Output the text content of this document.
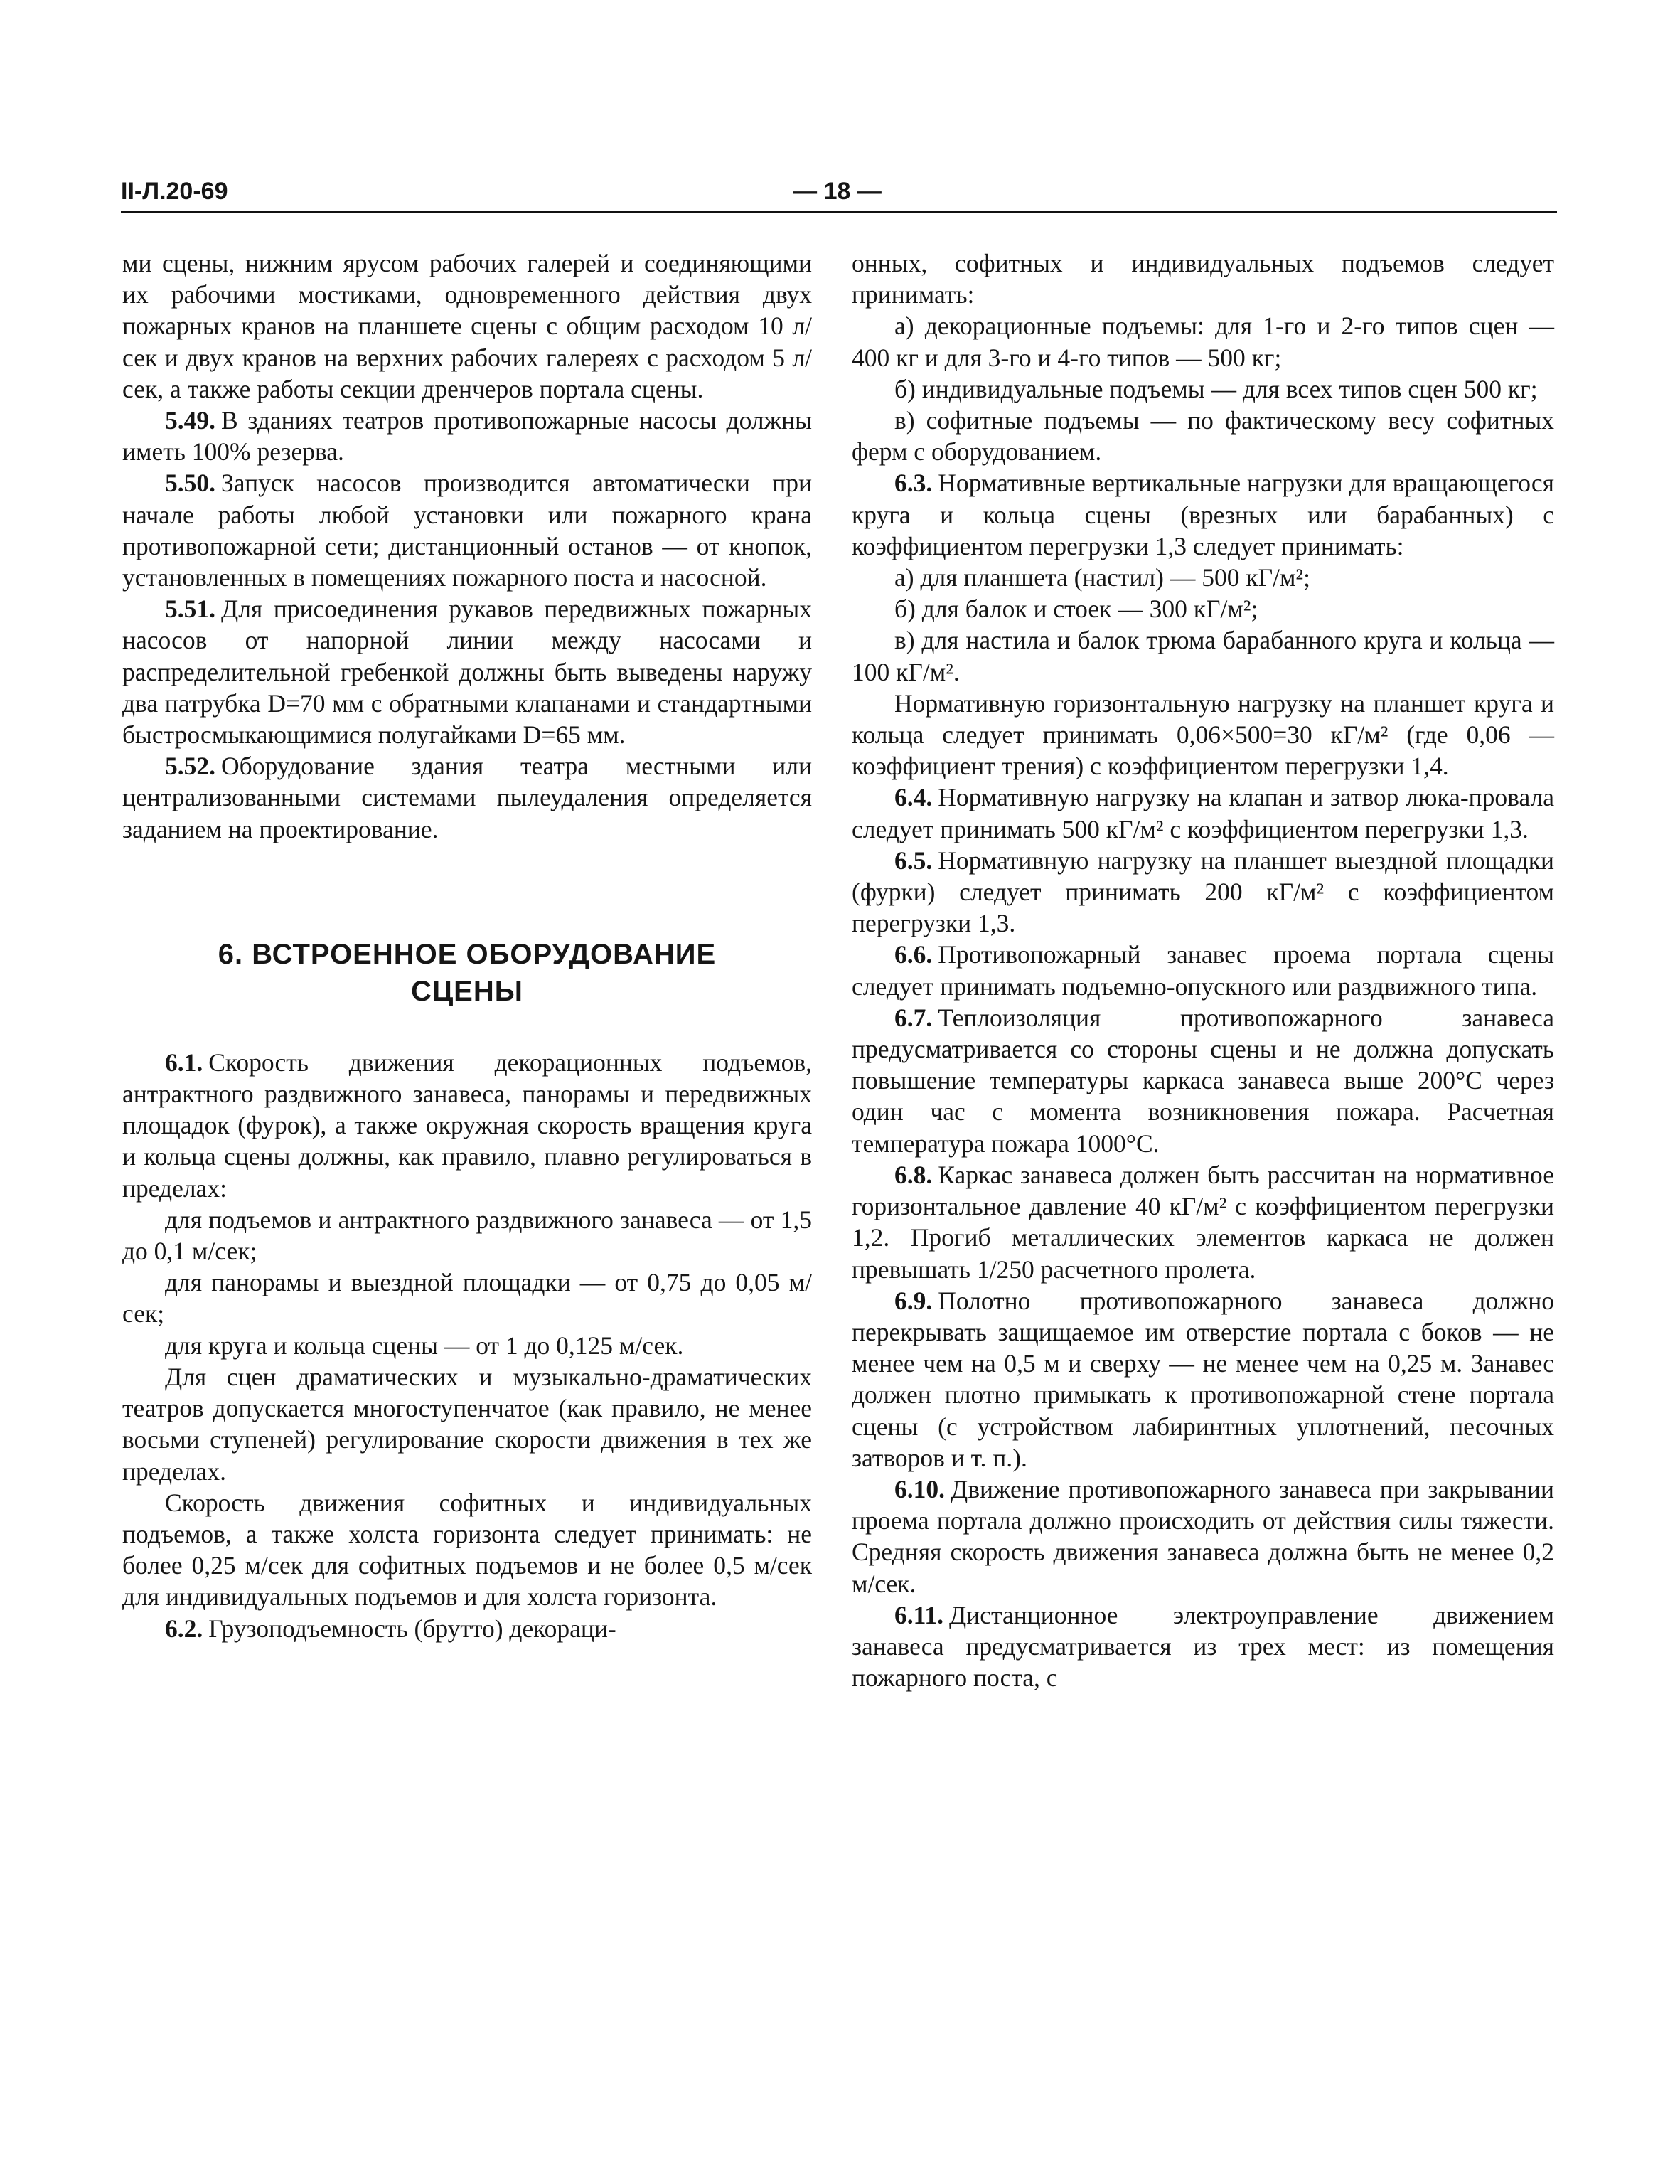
II-Л.20-69	— 18 —

ми сцены, нижним ярусом рабочих галерей и соединяющими их рабочими мостиками, одновременного действия двух пожарных кранов на планшете сцены с общим расходом 10 л/сек и двух кранов на верхних рабочих галереях с расходом 5 л/сек, а также работы секции дренчеров портала сцены.

5.49. В зданиях театров противопожарные насосы должны иметь 100% резерва.

5.50. Запуск насосов производится автоматически при начале работы любой установки или пожарного крана противопожарной сети; дистанционный останов — от кнопок, установленных в помещениях пожарного поста и насосной.

5.51. Для присоединения рукавов передвижных пожарных насосов от напорной линии между насосами и распределительной гребенкой должны быть выведены наружу два патрубка D=70 мм с обратными клапанами и стандартными быстросмыкающимися полугайками D=65 мм.

5.52. Оборудование здания театра местными или централизованными системами пылеудаления определяется заданием на проектирование.

6. ВСТРОЕННОЕ ОБОРУДОВАНИЕ
СЦЕНЫ

6.1. Скорость движения декорационных подъемов, антрактного раздвижного занавеса, панорамы и передвижных площадок (фурок), а также окружная скорость вращения круга и кольца сцены должны, как правило, плавно регулироваться в пределах:

для подъемов и антрактного раздвижного занавеса — от 1,5 до 0,1 м/сек;

для панорамы и выездной площадки — от 0,75 до 0,05 м/сек;

для круга и кольца сцены — от 1 до 0,125 м/сек.

Для сцен драматических и музыкально-драматических театров допускается многоступенчатое (как правило, не менее восьми ступеней) регулирование скорости движения в тех же пределах.

Скорость движения софитных и индивидуальных подъемов, а также холста горизонта следует принимать: не более 0,25 м/сек для софитных подъемов и не более 0,5 м/сек для индивидуальных подъемов и для холста горизонта.

6.2. Грузоподъемность (брутто) декораци-

онных, софитных и индивидуальных подъемов следует принимать:

а) декорационные подъемы: для 1-го и 2-го типов сцен — 400 кг и для 3-го и 4-го типов — 500 кг;

б) индивидуальные подъемы — для всех типов сцен 500 кг;

в) софитные подъемы — по фактическому весу софитных ферм с оборудованием.

6.3. Нормативные вертикальные нагрузки для вращающегося круга и кольца сцены (врезных или барабанных) с коэффициентом перегрузки 1,3 следует принимать:

а) для планшета (настил) — 500 кГ/м²;

б) для балок и стоек — 300 кГ/м²;

в) для настила и балок трюма барабанного круга и кольца — 100 кГ/м².

Нормативную горизонтальную нагрузку на планшет круга и кольца следует принимать 0,06×500=30 кГ/м² (где 0,06 — коэффициент трения) с коэффициентом перегрузки 1,4.

6.4. Нормативную нагрузку на клапан и затвор люка-провала следует принимать 500 кГ/м² с коэффициентом перегрузки 1,3.

6.5. Нормативную нагрузку на планшет выездной площадки (фурки) следует принимать 200 кГ/м² с коэффициентом перегрузки 1,3.

6.6. Противопожарный занавес проема портала сцены следует принимать подъемно-опускного или раздвижного типа.

6.7. Теплоизоляция противопожарного занавеса предусматривается со стороны сцены и не должна допускать повышение температуры каркаса занавеса выше 200°С через один час с момента возникновения пожара. Расчетная температура пожара 1000°С.

6.8. Каркас занавеса должен быть рассчитан на нормативное горизонтальное давление 40 кГ/м² с коэффициентом перегрузки 1,2. Прогиб металлических элементов каркаса не должен превышать 1/250 расчетного пролета.

6.9. Полотно противопожарного занавеса должно перекрывать защищаемое им отверстие портала с боков — не менее чем на 0,5 м и сверху — не менее чем на 0,25 м. Занавес должен плотно примыкать к противопожарной стене портала сцены (с устройством лабиринтных уплотнений, песочных затворов и т. п.).

6.10. Движение противопожарного занавеса при закрывании проема портала должно происходить от действия силы тяжести. Средняя скорость движения занавеса должна быть не менее 0,2 м/сек.

6.11. Дистанционное электроуправление движением занавеса предусматривается из трех мест: из помещения пожарного поста, с
